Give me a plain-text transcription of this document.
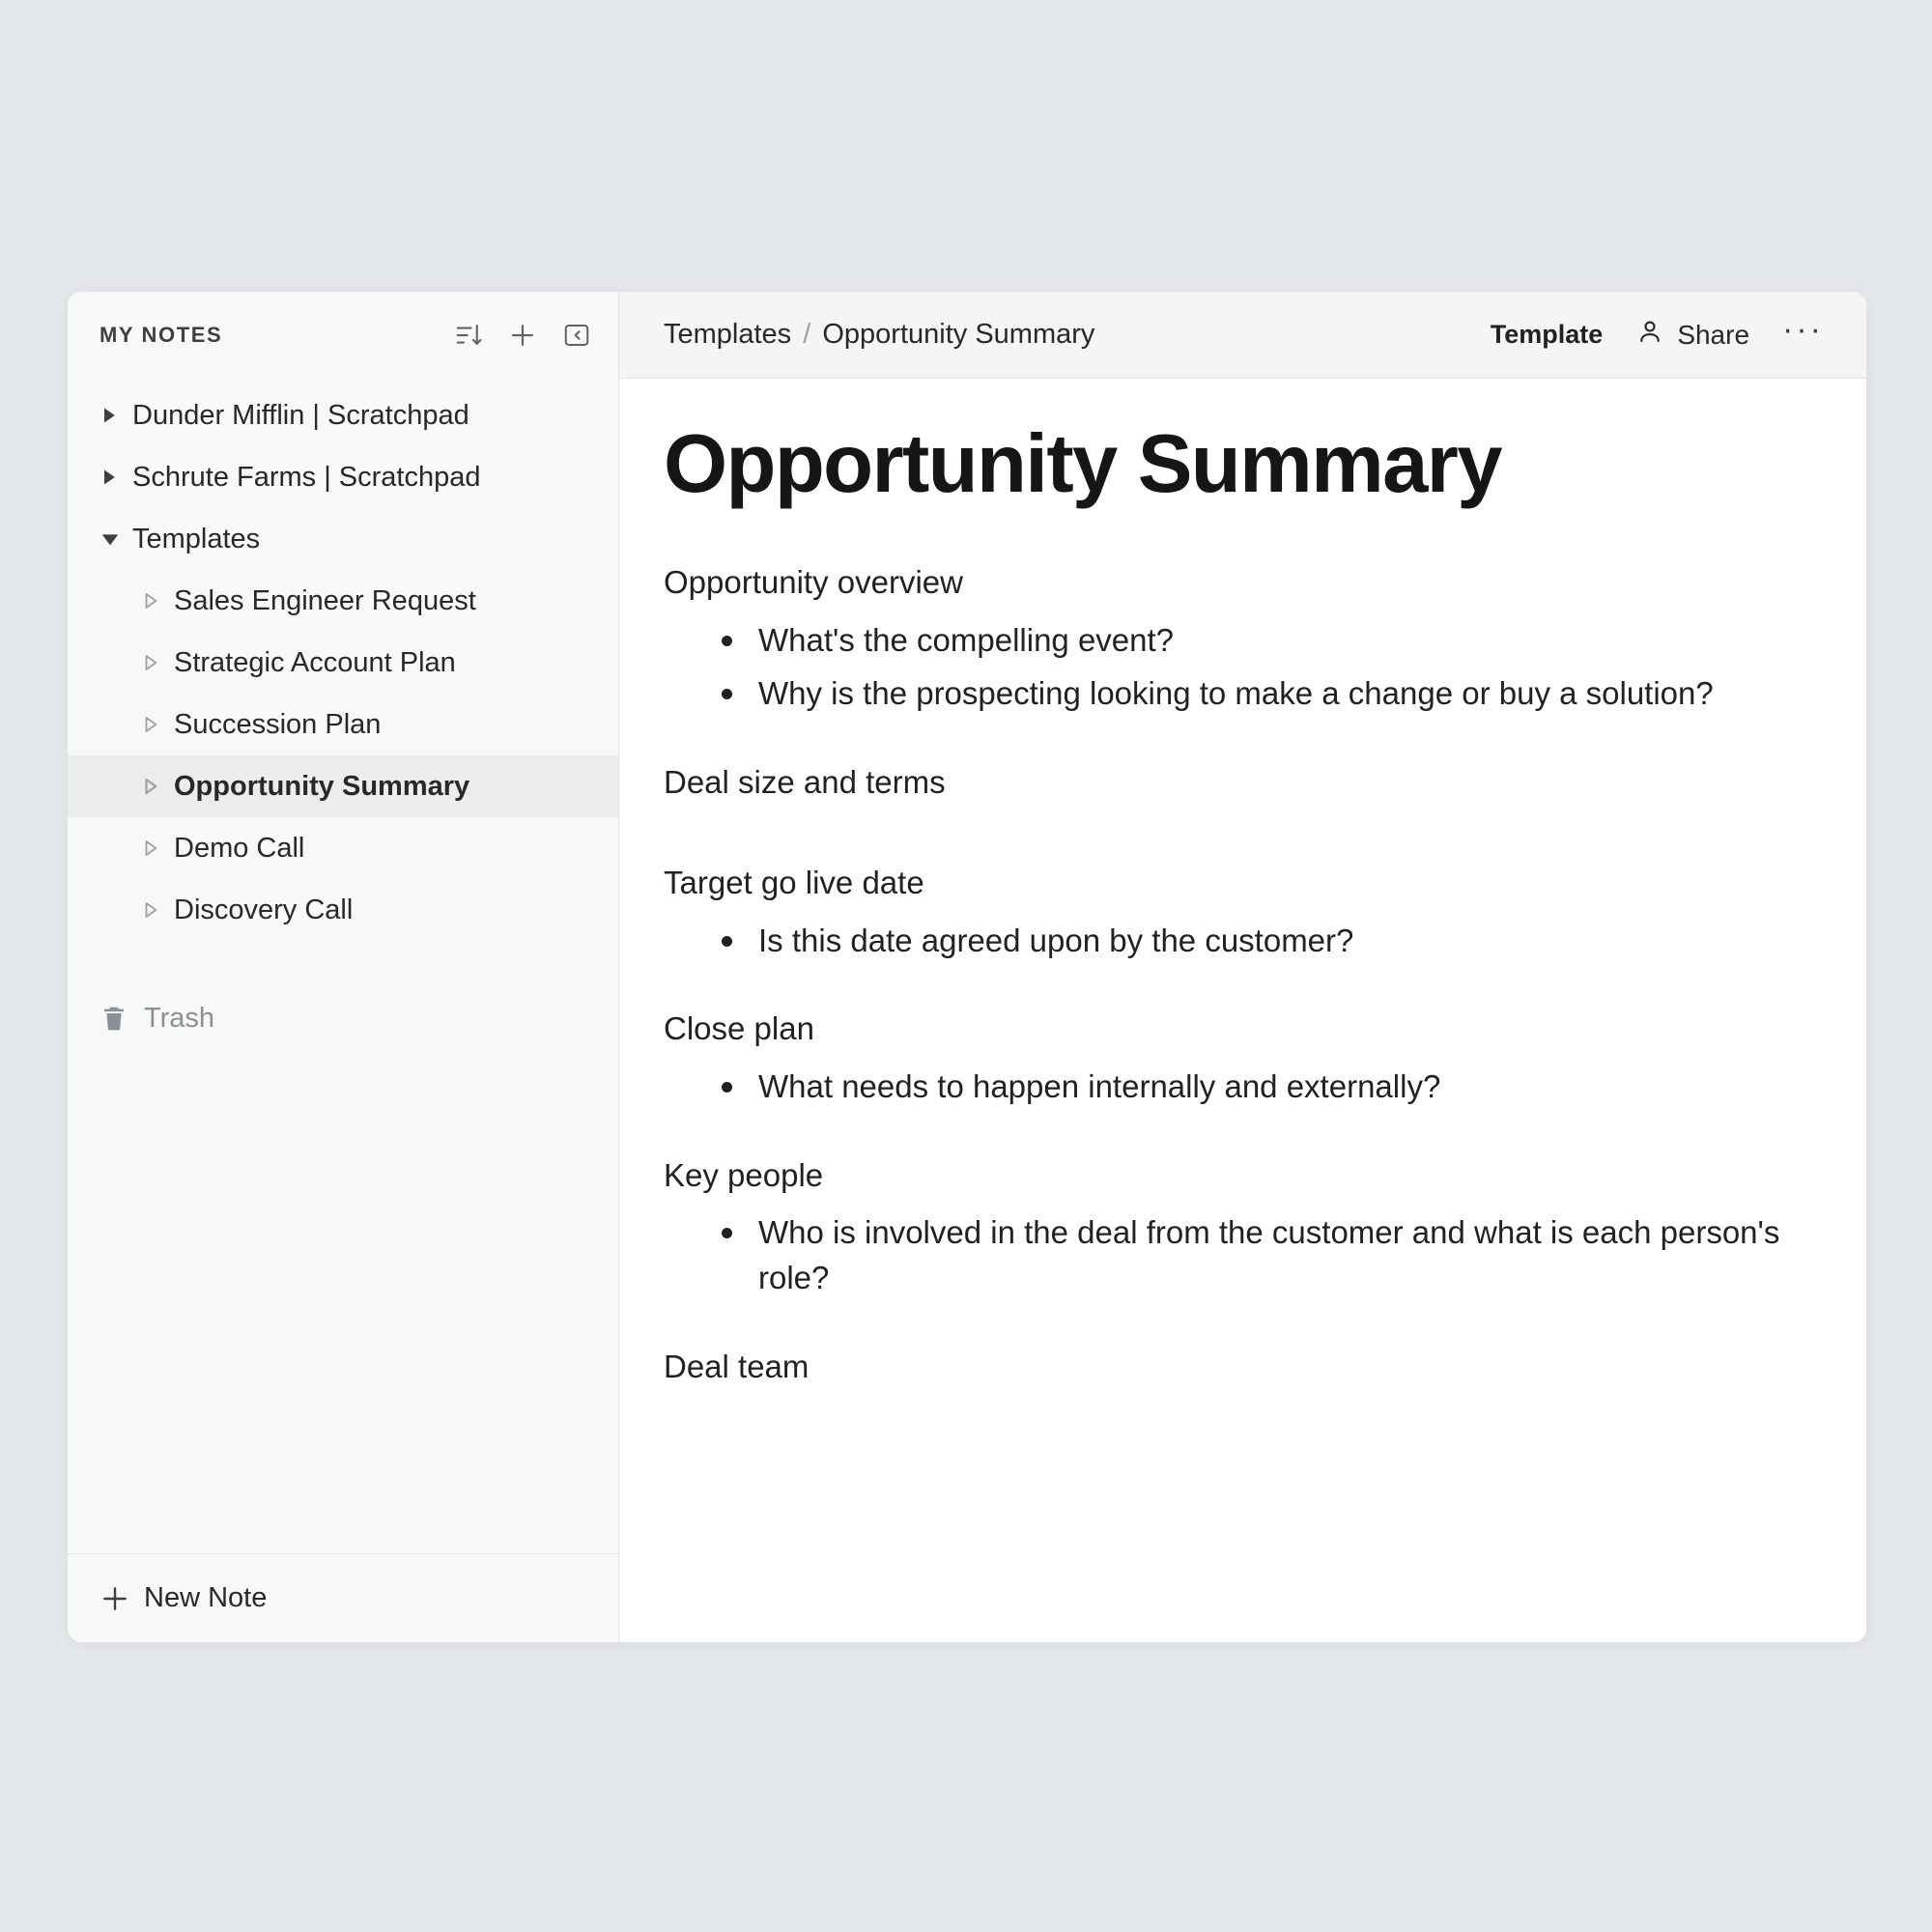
MY NOTES
Dunder Mifflin | Scratchpad
Schrute Farms | Scratchpad
Templates
Sales Engineer Request
Strategic Account Plan
Succession Plan
Opportunity Summary
Demo Call
Discovery Call
Trash
New Note
Templates / Opportunity Summary	Template	Share ···
Opportunity Summary
Opportunity overview
What's the compelling event?
Why is the prospecting looking to make a change or buy a solution?
Deal size and terms
Target go live date
Is this date agreed upon by the customer?
Close plan
What needs to happen internally and externally?
Key people
Who is involved in the deal from the customer and what is each person's role?
Deal team
